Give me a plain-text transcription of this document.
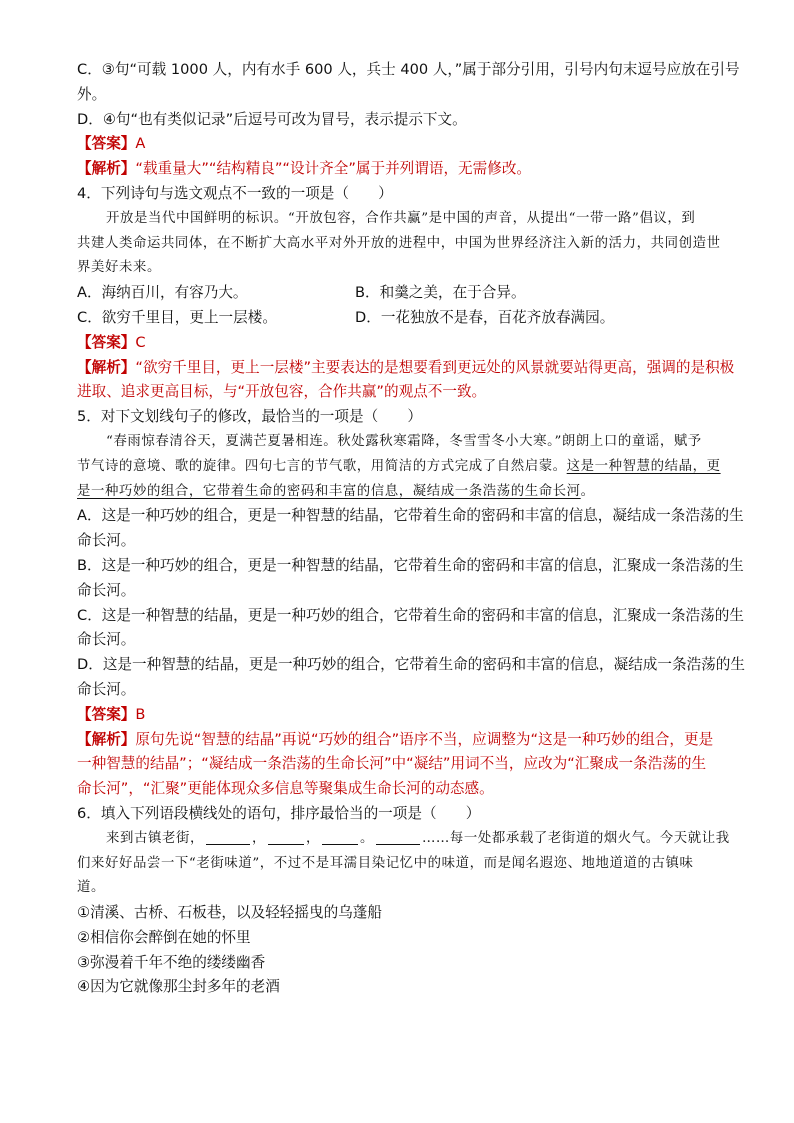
C．③句“可载 1000 人，内有水手 600 人，兵士 400 人，”属于部分引用，引号内句末逗号应放在引号

外。

D．④句“也有类似记录”后逗号可改为冒号，表示提示下文。

【答案】A

【解析】“载重量大”“结构精良”“设计齐全”属于并列谓语，无需修改。

4．下列诗句与选文观点不一致的一项是（　　）

开放是当代中国鲜明的标识。“开放包容，合作共赢”是中国的声音，从提出“一带一路”倡议，到

共建人类命运共同体，在不断扩大高水平对外开放的进程中，中国为世界经济注入新的活力，共同创造世

界美好未来。

A．海纳百川，有容乃大。	B．和羹之美，在于合异。
C．欲穷千里目，更上一层楼。	D．一花独放不是春，百花齐放春满园。

【答案】C

【解析】“欲穷千里目，更上一层楼”主要表达的是想要看到更远处的风景就要站得更高，强调的是积极

进取、追求更高目标，与“开放包容，合作共赢”的观点不一致。

5．对下文划线句子的修改，最恰当的一项是（　　）

“春雨惊春清谷天，夏满芒夏暑相连。秋处露秋寒霜降，冬雪雪冬小大寒。”朗朗上口的童谣，赋予

节气诗的意境、歌的旋律。四句七言的节气歌，用简洁的方式完成了自然启蒙。这是一种智慧的结晶，更

是一种巧妙的组合，它带着生命的密码和丰富的信息，凝结成一条浩荡的生命长河。

A．这是一种巧妙的组合，更是一种智慧的结晶，它带着生命的密码和丰富的信息，凝结成一条浩荡的生

命长河。

B．这是一种巧妙的组合，更是一种智慧的结晶，它带着生命的密码和丰富的信息，汇聚成一条浩荡的生

命长河。

C．这是一种智慧的结晶，更是一种巧妙的组合，它带着生命的密码和丰富的信息，汇聚成一条浩荡的生

命长河。

D．这是一种智慧的结晶，更是一种巧妙的组合，它带着生命的密码和丰富的信息，凝结成一条浩荡的生

命长河。

【答案】B

【解析】原句先说“智慧的结晶”再说“巧妙的组合”语序不当，应调整为“这是一种巧妙的组合，更是

一种智慧的结晶”；“凝结成一条浩荡的生命长河”中“凝结”用词不当，应改为“汇聚成一条浩荡的生

命长河”，“汇聚”更能体现众多信息等聚集成生命长河的动态感。

6．填入下列语段横线处的语句，排序最恰当的一项是（　　）

来到古镇老街，	，	，	。	……每一处都承载了老街道的烟火气。今天就让我

们来好好品尝一下“老街味道”，不过不是耳濡目染记忆中的味道，而是闻名遐迩、地地道道的古镇味

道。

①清溪、古桥、石板巷，以及轻轻摇曳的乌蓬船

②相信你会醉倒在她的怀里

③弥漫着千年不绝的缕缕幽香

④因为它就像那尘封多年的老酒
